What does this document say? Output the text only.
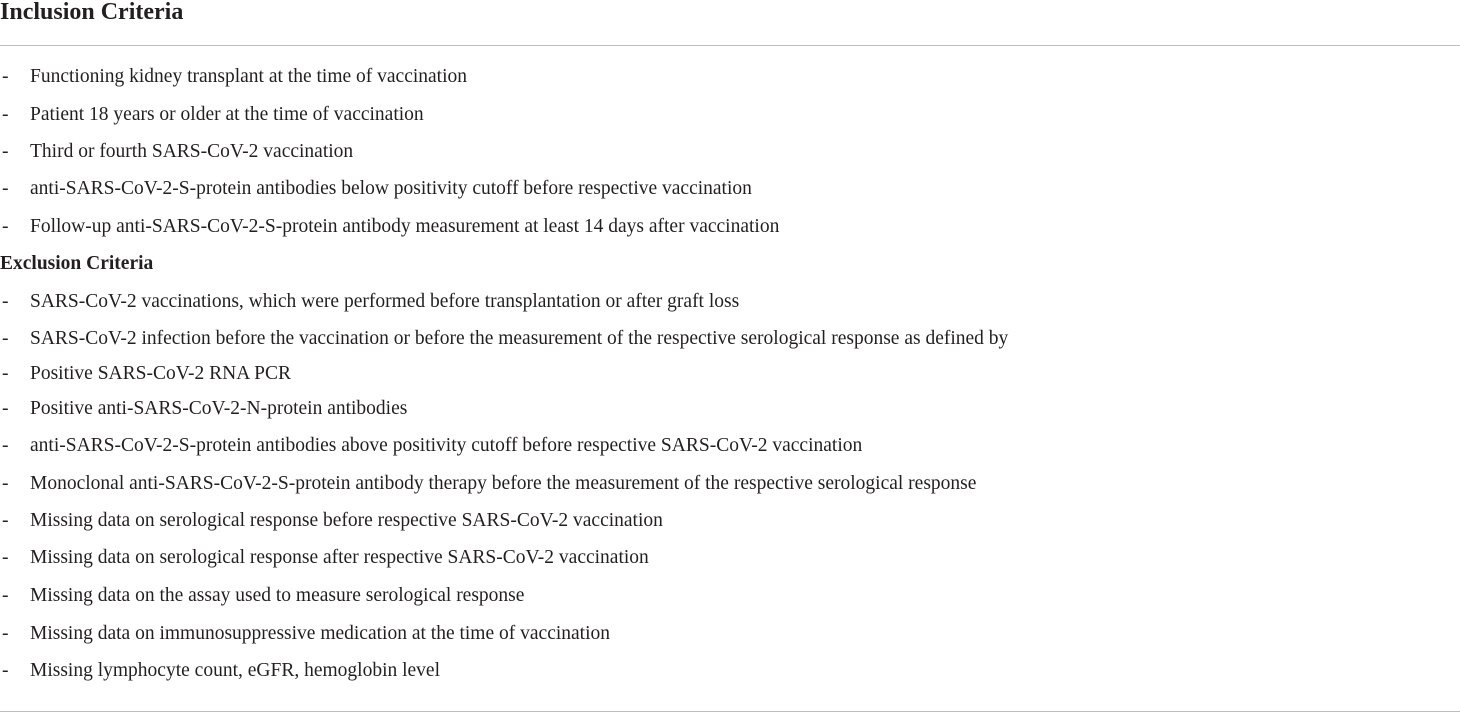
Inclusion Criteria
- Functioning kidney transplant at the time of vaccination
- Patient 18 years or older at the time of vaccination
- Third or fourth SARS-CoV-2 vaccination
- anti-SARS-CoV-2-S-protein antibodies below positivity cutoff before respective vaccination
- Follow-up anti-SARS-CoV-2-S-protein antibody measurement at least 14 days after vaccination
Exclusion Criteria
- SARS-CoV-2 vaccinations, which were performed before transplantation or after graft loss
- SARS-CoV-2 infection before the vaccination or before the measurement of the respective serological response as defined by
- Positive SARS-CoV-2 RNA PCR
- Positive anti-SARS-CoV-2-N-protein antibodies
- anti-SARS-CoV-2-S-protein antibodies above positivity cutoff before respective SARS-CoV-2 vaccination
- Monoclonal anti-SARS-CoV-2-S-protein antibody therapy before the measurement of the respective serological response
- Missing data on serological response before respective SARS-CoV-2 vaccination
- Missing data on serological response after respective SARS-CoV-2 vaccination
- Missing data on the assay used to measure serological response
- Missing data on immunosuppressive medication at the time of vaccination
- Missing lymphocyte count, eGFR, hemoglobin level
